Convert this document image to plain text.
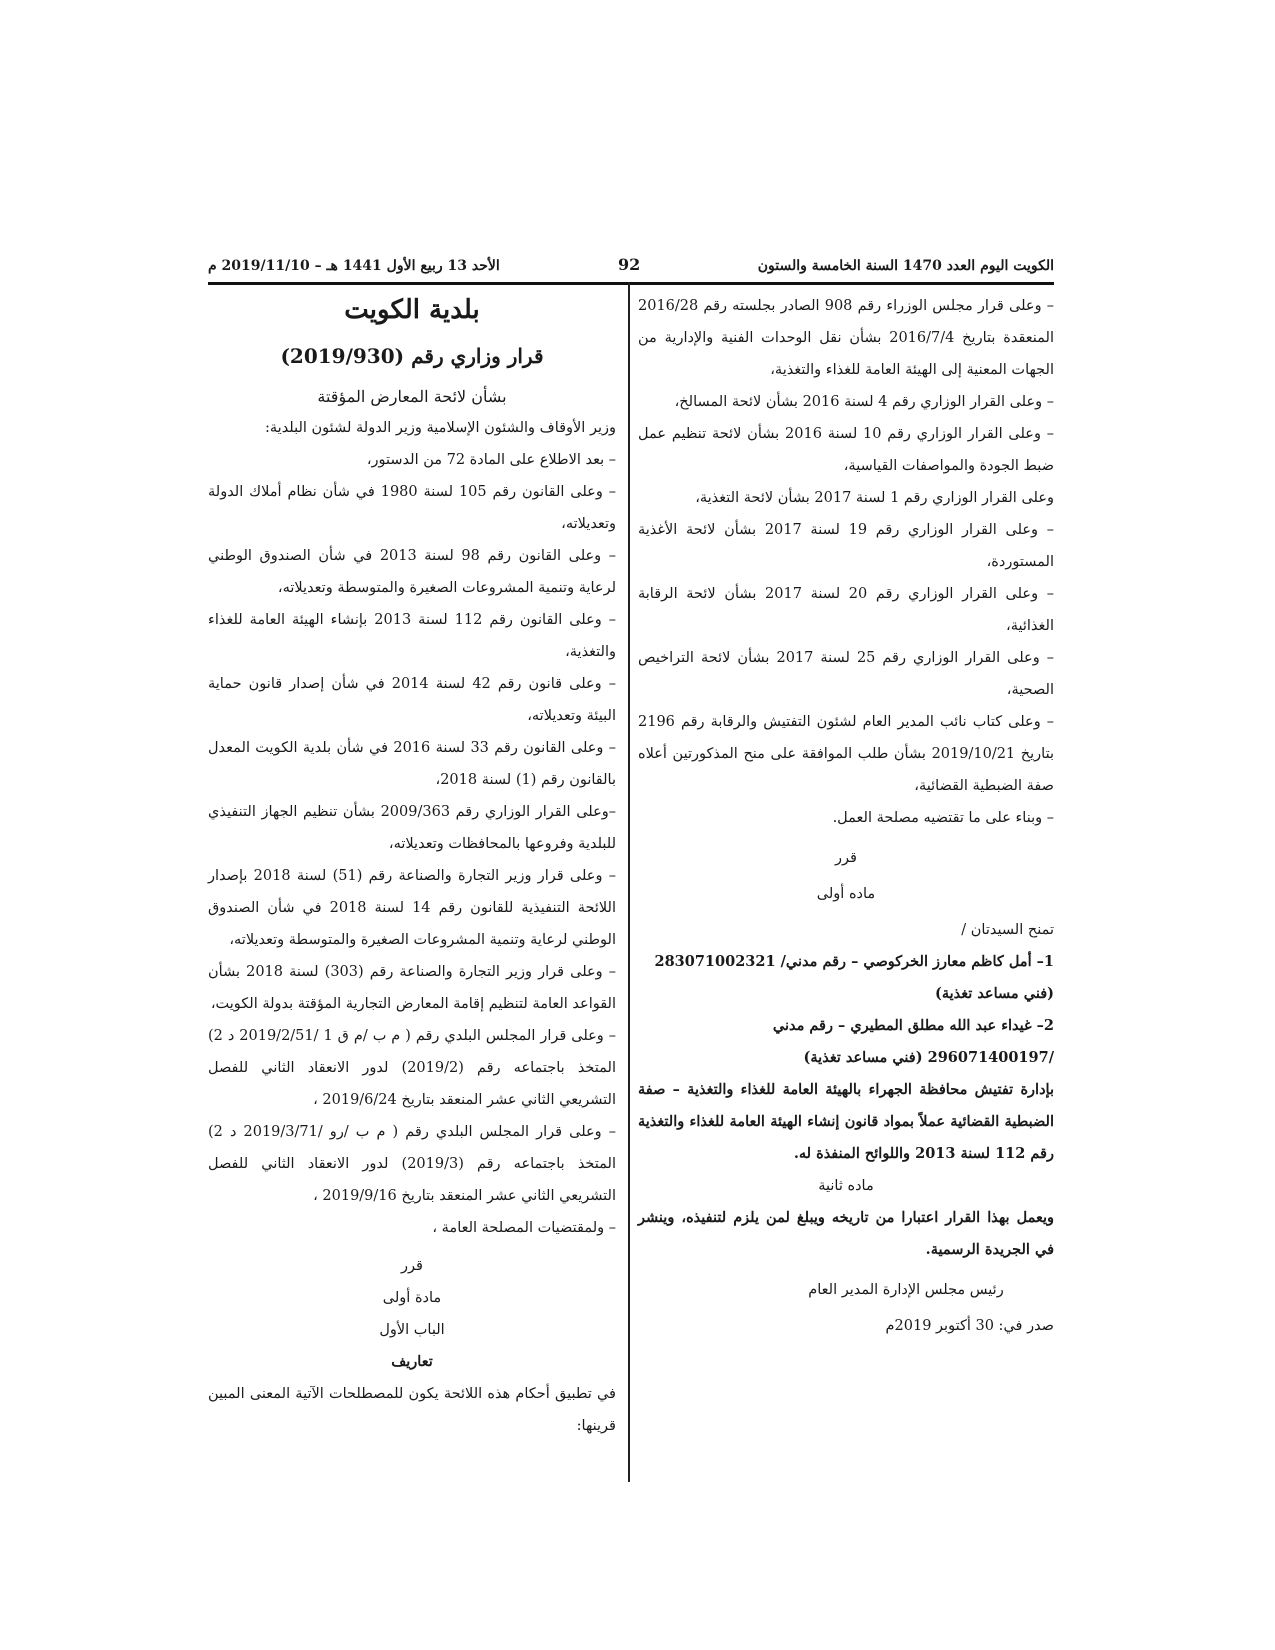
الكويت اليوم العدد 1470 السنة الخامسة والستون
92
الأحد 13 ربيع الأول 1441 هـ – 2019/11/10 م

– وعلى قرار مجلس الوزراء رقم 908 الصادر بجلسته رقم 2016/28 المنعقدة بتاريخ 2016/7/4 بشأن نقل الوحدات الفنية والإدارية من الجهات المعنية إلى الهيئة العامة للغذاء والتغذية،

– وعلى القرار الوزاري رقم 4 لسنة 2016 بشأن لائحة المسالخ،

– وعلى القرار الوزاري رقم 10 لسنة 2016 بشأن لائحة تنظيم عمل ضبط الجودة والمواصفات القياسية،

وعلى القرار الوزاري رقم 1 لسنة 2017 بشأن لائحة التغذية،

– وعلى القرار الوزاري رقم 19 لسنة 2017 بشأن لائحة الأغذية المستوردة،

– وعلى القرار الوزاري رقم 20 لسنة 2017 بشأن لائحة الرقابة الغذائية،

– وعلى القرار الوزاري رقم 25 لسنة 2017 بشأن لائحة التراخيص الصحية،

– وعلى كتاب نائب المدير العام لشئون التفتيش والرقابة رقم 2196 بتاريخ 2019/10/21 بشأن طلب الموافقة على منح المذكورتين أعلاه صفة الضبطية القضائية،

– وبناء على ما تقتضيه مصلحة العمل.

قرر

ماده أولى

تمنح السيدتان /

1– أمل كاظم معارز الخركوصي – رقم مدني/ 283071002321

(فني مساعد تغذية)

2– غيداء عبد الله مطلق المطيري – رقم مدني

/296071400197 (فني مساعد تغذية)

بإدارة تفتيش محافظة الجهراء بالهيئة العامة للغذاء والتغذية – صفة الضبطية القضائية عملاً بمواد قانون إنشاء الهيئة العامة للغذاء والتغذية رقم 112 لسنة 2013 واللوائح المنفذة له.

ماده ثانية

ويعمل بهذا القرار اعتبارا من تاريخه ويبلغ لمن يلزم لتنفيذه، وينشر في الجريدة الرسمية.

رئيس مجلس الإدارة المدير العام

صدر في: 30 أكتوبر 2019م

بلدية الكويت

قرار وزاري رقم (2019/930)

بشأن لائحة المعارض المؤقتة

وزير الأوقاف والشئون الإسلامية وزير الدولة لشئون البلدية:

– بعد الاطلاع على المادة 72 من الدستور،

– وعلى القانون رقم 105 لسنة 1980 في شأن نظام أملاك الدولة وتعديلاته،

– وعلى القانون رقم 98 لسنة 2013 في شأن الصندوق الوطني لرعاية وتنمية المشروعات الصغيرة والمتوسطة وتعديلاته،

– وعلى القانون رقم 112 لسنة 2013 بإنشاء الهيئة العامة للغذاء والتغذية،

– وعلى قانون رقم 42 لسنة 2014 في شأن إصدار قانون حماية البيئة وتعديلاته،

– وعلى القانون رقم 33 لسنة 2016 في شأن بلدية الكويت المعدل بالقانون رقم (1) لسنة 2018،

–وعلى القرار الوزاري رقم 2009/363 بشأن تنظيم الجهاز التنفيذي للبلدية وفروعها بالمحافظات وتعديلاته،

– وعلى قرار وزير التجارة والصناعة رقم (51) لسنة 2018 بإصدار اللائحة التنفيذية للقانون رقم 14 لسنة 2018 في شأن الصندوق الوطني لرعاية وتنمية المشروعات الصغيرة والمتوسطة وتعديلاته،

– وعلى قرار وزير التجارة والصناعة رقم (303) لسنة 2018 بشأن القواعد العامة لتنظيم إقامة المعارض التجارية المؤقتة بدولة الكويت،

– وعلى قرار المجلس البلدي رقم ( م ب /م ق 1 /2019/2/51 د 2) المتخذ باجتماعه رقم (2019/2) لدور الانعقاد الثاني للفصل التشريعي الثاني عشر المنعقد بتاريخ 2019/6/24 ،

– وعلى قرار المجلس البلدي رقم ( م ب /رو /2019/3/71 د 2) المتخذ باجتماعه رقم (2019/3) لدور الانعقاد الثاني للفصل التشريعي الثاني عشر المنعقد بتاريخ 2019/9/16 ،

– ولمقتضيات المصلحة العامة ،

قرر

مادة أولى

الباب الأول

تعاريف

في تطبيق أحكام هذه اللائحة يكون للمصطلحات الآتية المعنى المبين قرينها:
